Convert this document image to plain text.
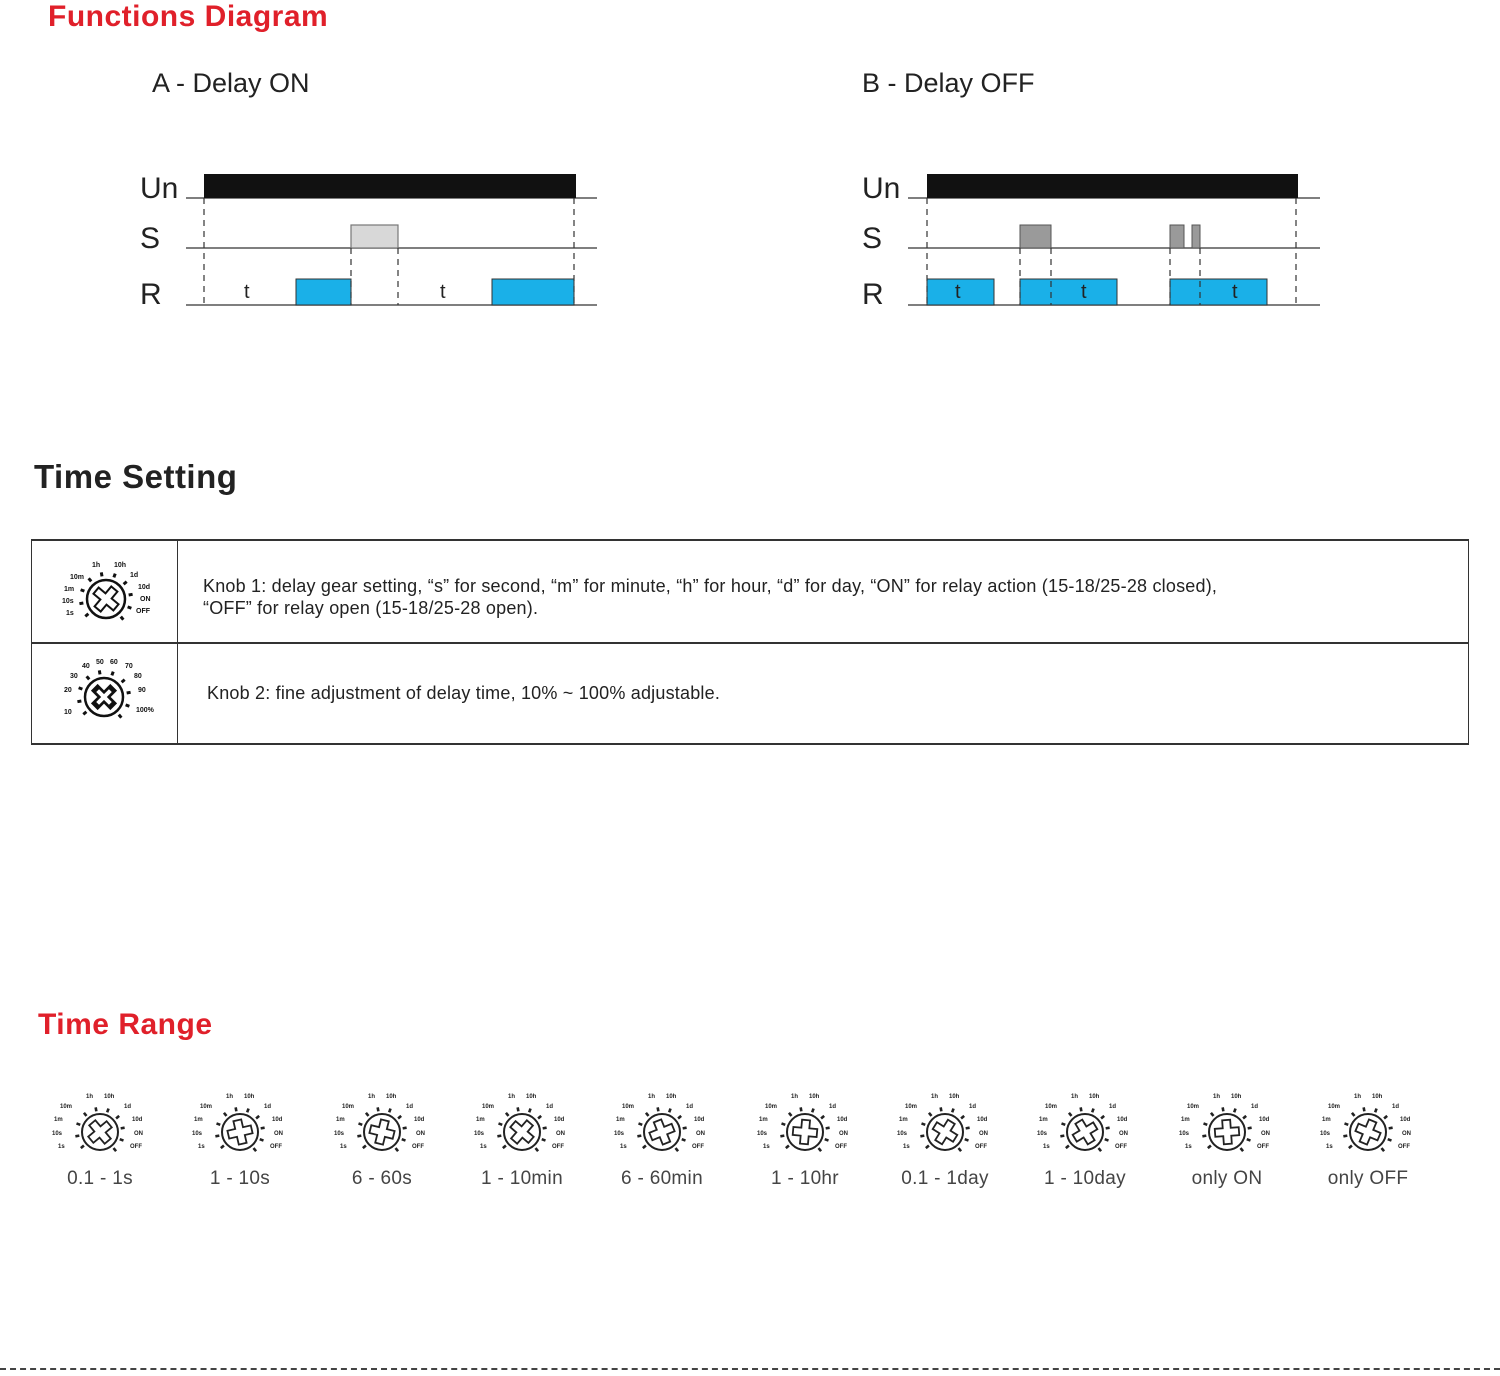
Functions Diagram
A - Delay ON
Un
S
R	t	t
B - Delay OFF
Un
S
R	t	t	t
Time Setting
1h 10h
10m	1d
1m	10d
10s	ON
1s	OFF
Knob 1: delay gear setting, “s” for second, “m” for minute, “h” for hour, “d” for day, “ON” for relay action (15-18/25-28 closed),
“OFF” for relay open (15-18/25-28 open).
40
50 60
70
30	80
20	90
10	100%
Knob 2: fine adjustment of delay time, 10% ~ 100% adjustable.
Time Range
1h 10h
10m	1d
1m	10d
10s	ON
1s	OFF
0.1 - 1s
1h 10h
10m	1d
1m	10d
10s	ON
1s	OFF
1 - 10s
1h 10h
10m	1d
1m	10d
10s	ON
1s	OFF
6 - 60s
1h 10h
10m	1d
1m	10d
10s	ON
1s	OFF
1 - 10min
1h 10h
10m	1d
1m	10d
10s	ON
1s	OFF
6 - 60min
1h 10h
10m	1d
1m	10d
10s	ON
1s	OFF
1 - 10hr
1h 10h
10m	1d
1m	10d
10s	ON
1s	OFF
0.1 - 1day
1h 10h
10m	1d
1m	10d
10s	ON
1s	OFF
1 - 10day
1h 10h
10m	1d
1m	10d
10s	ON
1s	OFF
only ON
1h 10h
10m	1d
1m	10d
10s	ON
1s	OFF
only OFF
